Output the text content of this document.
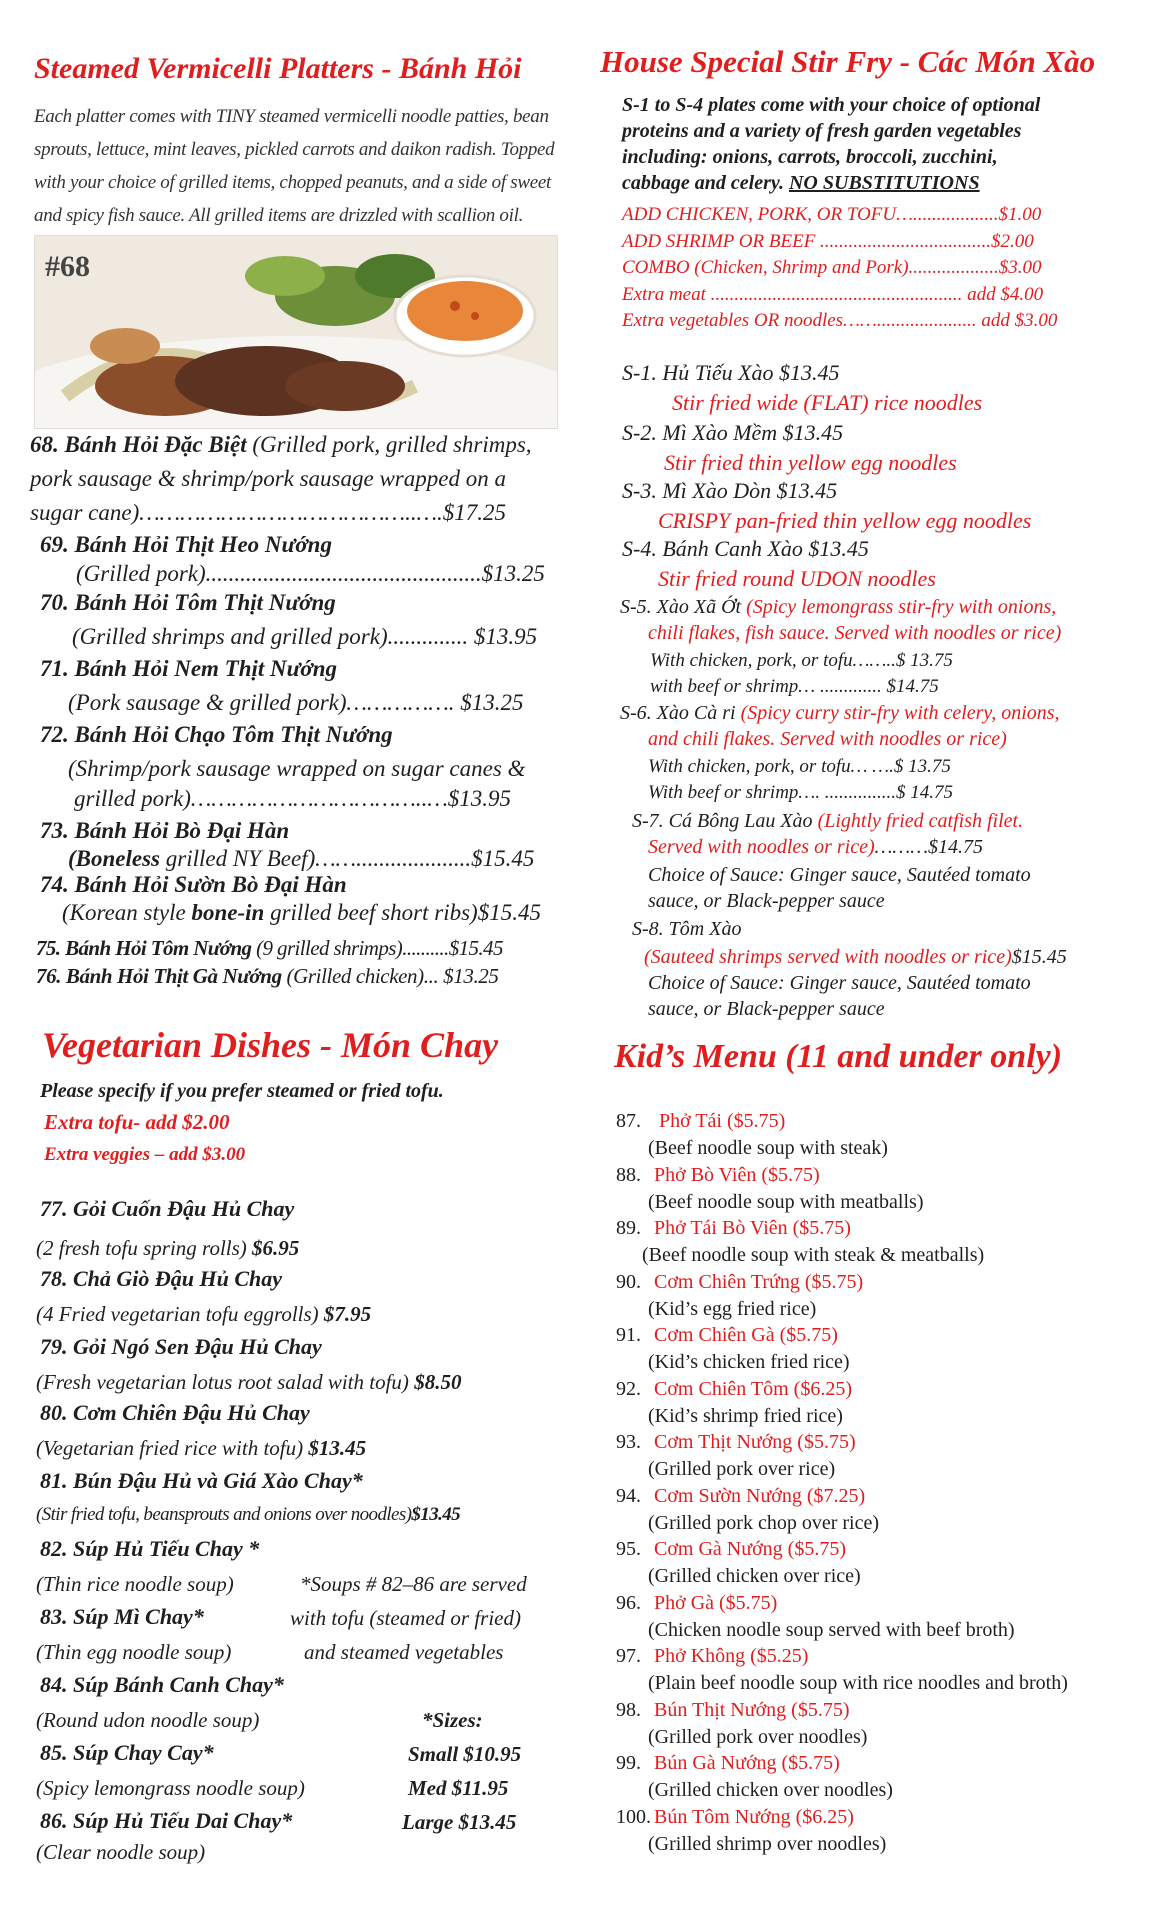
Steamed Vermicelli Platters - Bánh Hỏi
Each platter comes with TINY steamed vermicelli noodle patties, bean
sprouts, lettuce, mint leaves, pickled carrots and daikon radish. Topped
with your choice of grilled items, chopped peanuts, and a side of sweet
and spicy fish sauce. All grilled items are drizzled with scallion oil.
#68
68. Bánh Hỏi Đặc Biệt (Grilled pork, grilled shrimps,
pork sausage & shrimp/pork sausage wrapped on a
sugar cane)…………………………………..….$17.25
69. Bánh Hỏi Thịt Heo Nướng
(Grilled pork)................................................$13.25
70. Bánh Hỏi Tôm Thịt Nướng
(Grilled shrimps and grilled pork).............. $13.95
71. Bánh Hỏi Nem Thịt Nướng
(Pork sausage & grilled pork)……………. $13.25
72. Bánh Hỏi Chạo Tôm Thịt Nướng
(Shrimp/pork sausage wrapped on sugar canes &
grilled pork)……………………………..…$13.95
73. Bánh Hỏi Bò Đại Hàn
(Boneless grilled NY Beef)……....................$15.45
74. Bánh Hỏi Sườn Bò Đại Hàn
(Korean style bone-in grilled beef short ribs)$15.45
75. Bánh Hỏi Tôm Nướng (9 grilled shrimps)..........$15.45
76. Bánh Hỏi Thịt Gà Nướng (Grilled chicken)... $13.25
Vegetarian Dishes - Món Chay
Please specify if you prefer steamed or fried tofu.
Extra tofu- add $2.00
Extra veggies – add $3.00
77. Gỏi Cuốn Đậu Hủ Chay
(2 fresh tofu spring rolls) $6.95
78. Chả Giò Đậu Hủ Chay
(4 Fried vegetarian tofu eggrolls) $7.95
79. Gỏi Ngó Sen Đậu Hủ Chay
(Fresh vegetarian lotus root salad with tofu) $8.50
80. Cơm Chiên Đậu Hủ Chay
(Vegetarian fried rice with tofu) $13.45
81. Bún Đậu Hủ và Giá Xào Chay*
(Stir fried tofu, beansprouts and onions over noodles)$13.45
82. Súp Hủ Tiếu Chay *
(Thin rice noodle soup)
83. Súp Mì Chay*
(Thin egg noodle soup)
84. Súp Bánh Canh Chay*
(Round udon noodle soup)
85. Súp Chay Cay*
(Spicy lemongrass noodle soup)
86. Súp Hủ Tiếu Dai Chay*
(Clear noodle soup)
*Soups # 82–86 are served
with tofu (steamed or fried)
and steamed vegetables
*Sizes:
Small $10.95
Med $11.95
Large $13.45
House Special Stir Fry - Các Món Xào
S-1 to S-4 plates come with your choice of optional
proteins and a variety of fresh garden vegetables
including: onions, carrots, broccoli, zucchini,
cabbage and celery. NO SUBSTITUTIONS
ADD CHICKEN, PORK, OR TOFU…..................$1.00
ADD SHRIMP OR BEEF ....................................$2.00
COMBO (Chicken, Shrimp and Pork)...................$3.00
Extra meat ..................................................... add $4.00
Extra vegetables OR noodles……..................... add $3.00
S-1. Hủ Tiếu Xào $13.45
Stir fried wide (FLAT) rice noodles
S-2. Mì Xào Mềm $13.45
Stir fried thin yellow egg noodles
S-3. Mì Xào Dòn $13.45
CRISPY pan-fried thin yellow egg noodles
S-4. Bánh Canh Xào $13.45
Stir fried round UDON noodles
S-5. Xào Xã Ớt (Spicy lemongrass stir-fry with onions,
chili flakes, fish sauce. Served with noodles or rice)
With chicken, pork, or tofu……..$ 13.75
with beef or shrimp… ............. $14.75
S-6. Xào Cà ri (Spicy curry stir-fry with celery, onions,
and chili flakes. Served with noodles or rice)
With chicken, pork, or tofu… ….$ 13.75
With beef or shrimp…. ...............$ 14.75
S-7. Cá Bông Lau Xào (Lightly fried catfish filet.
Served with noodles or rice)………$14.75
Choice of Sauce: Ginger sauce, Sautéed tomato
sauce, or Black-pepper sauce
S-8. Tôm Xào
(Sauteed shrimps served with noodles or rice)$15.45
Choice of Sauce: Ginger sauce, Sautéed tomato
sauce, or Black-pepper sauce
Kid’s Menu (11 and under only)
87. Phở Tái ($5.75)
(Beef noodle soup with steak)
88. Phở Bò Viên ($5.75)
(Beef noodle soup with meatballs)
89. Phở Tái Bò Viên ($5.75)
(Beef noodle soup with steak & meatballs)
90. Cơm Chiên Trứng ($5.75)
(Kid’s egg fried rice)
91. Cơm Chiên Gà ($5.75)
(Kid’s chicken fried rice)
92. Cơm Chiên Tôm ($6.25)
(Kid’s shrimp fried rice)
93. Cơm Thịt Nướng ($5.75)
(Grilled pork over rice)
94. Cơm Sườn Nướng ($7.25)
(Grilled pork chop over rice)
95. Cơm Gà Nướng ($5.75)
(Grilled chicken over rice)
96. Phở Gà ($5.75)
(Chicken noodle soup served with beef broth)
97. Phở Không ($5.25)
(Plain beef noodle soup with rice noodles and broth)
98. Bún Thịt Nướng ($5.75)
(Grilled pork over noodles)
99. Bún Gà Nướng ($5.75)
(Grilled chicken over noodles)
100. Bún Tôm Nướng ($6.25)
(Grilled shrimp over noodles)
